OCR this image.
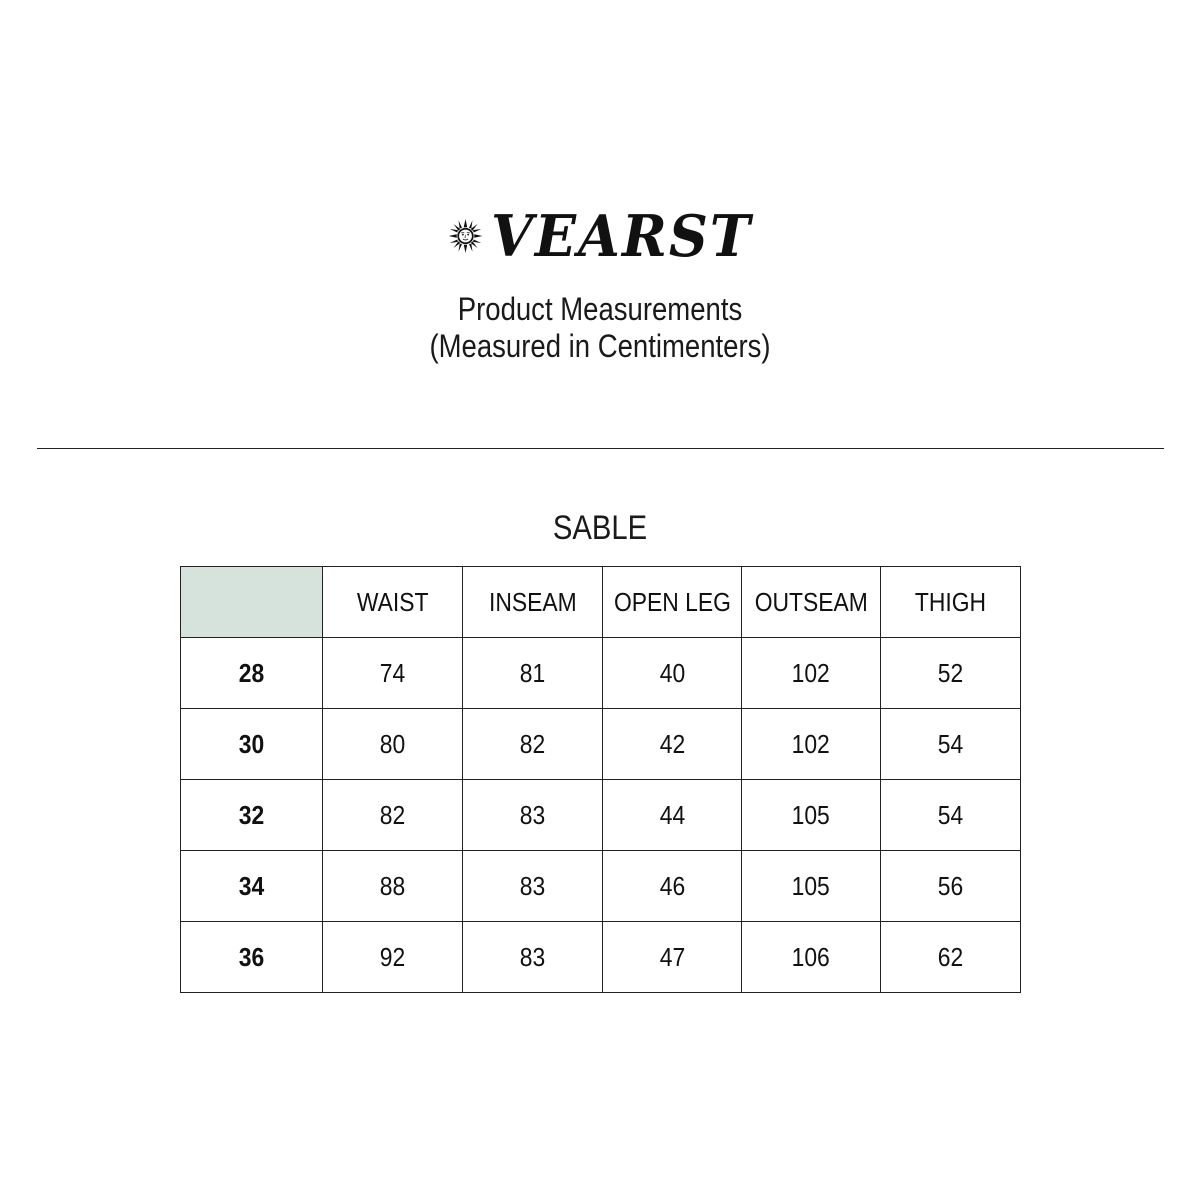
VEARST
Product Measurements
(Measured in Centimenters)
SABLE
	WAIST	INSEAM	OPEN LEG	OUTSEAM	THIGH
28	74	81	40	102	52
30	80	82	42	102	54
32	82	83	44	105	54
34	88	83	46	105	56
36	92	83	47	106	62
